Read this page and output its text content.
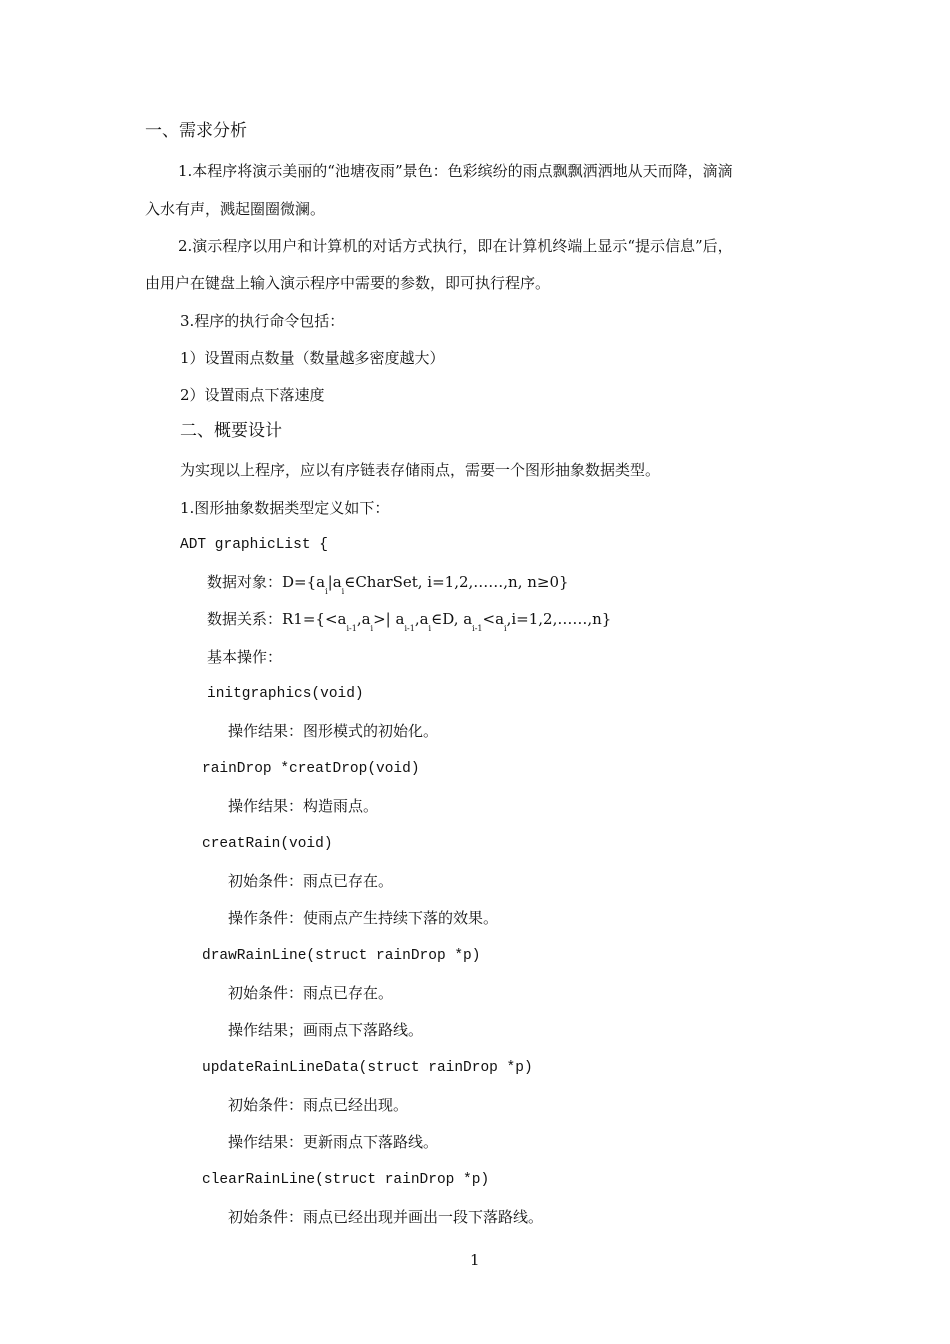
一、需求分析

1.本程序将演示美丽的“池塘夜雨”景色：色彩缤纷的雨点飘飘洒洒地从天而降，滴滴

入水有声，溅起圈圈微澜。

2.演示程序以用户和计算机的对话方式执行，即在计算机终端上显示“提示信息”后，

由用户在键盘上输入演示程序中需要的参数，即可执行程序。

3.程序的执行命令包括：

1）设置雨点数量（数量越多密度越大）

2）设置雨点下落速度

二、概要设计

为实现以上程序，应以有序链表存储雨点，需要一个图形抽象数据类型。

1.图形抽象数据类型定义如下：

ADT graphicList {

数据对象：$D=\{a_i|a_i\in CharSet$, i=1,2,……,n, n≥0}

数据关系：$R1=\{<a_{i-1},a_i>|$ $a_{i-1},a_i\in D$, $a_{i-1}<a_i,i=1,2,\dots\dots,n$}

基本操作：

initgraphics(void)

操作结果：图形模式的初始化。

rainDrop *creatDrop(void)

操作结果：构造雨点。

creatRain(void)

初始条件：雨点已存在。

操作条件：使雨点产生持续下落的效果。

drawRainLine(struct rainDrop *p)

初始条件：雨点已存在。

操作结果；画雨点下落路线。

updateRainLineData(struct rainDrop *p)

初始条件：雨点已经出现。

操作结果：更新雨点下落路线。

clearRainLine(struct rainDrop *p)

初始条件：雨点已经出现并画出一段下落路线。

1
